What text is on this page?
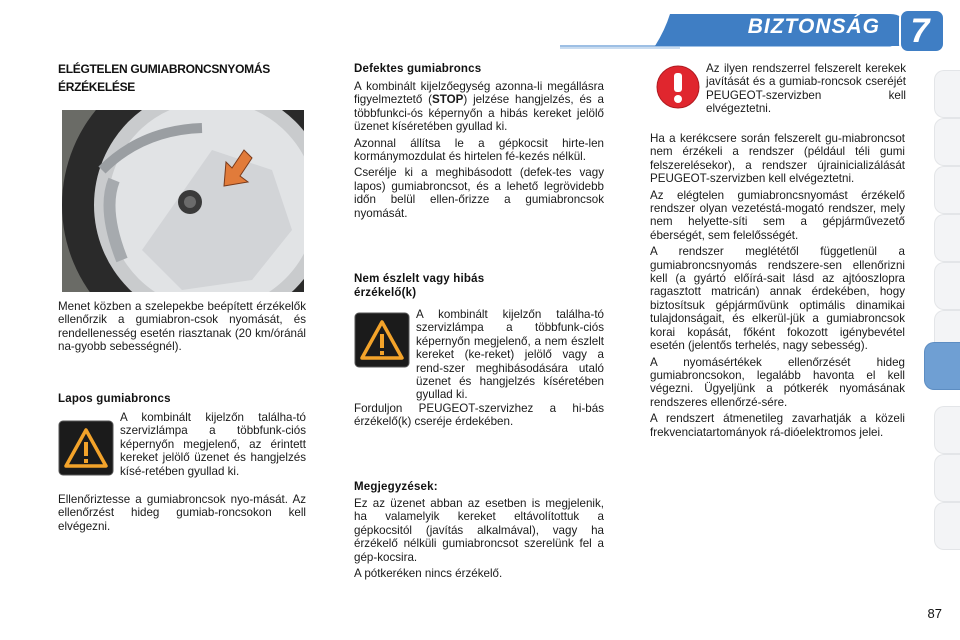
BIZTONSÁG 7
ELÉGTELEN GUMIABRONCSNYOMÁS
ÉRZÉKELÉSE

Menet közben a szelepekbe beépített érzékelők ellenőrzik a gumiabron-csok nyomását, és rendellenesség esetén riasztanak (20 km/óránál na-gyobb sebességnél).

Lapos gumiabroncs

A kombinált kijelzőn találha-tó szervizlámpa a többfunk-ciós képernyőn megjelenő, az érintett kereket jelölő üzenet és hangjelzés kísé-retében gyullad ki.

Ellenőriztesse a gumiabroncsok nyo-mását. Az ellenőrzést hideg gumiab-roncsokon kell elvégezni.

Defektes gumiabroncs

A kombinált kijelzőegység azonna-li megállásra figyelmeztető (STOP) jelzése hangjelzés, és a többfunkci-ós képernyőn a hibás kereket jelölő üzenet kíséretében gyullad ki.

Azonnal állítsa le a gépkocsit hirte-len kormánymozdulat és hirtelen fé-kezés nélkül.

Cserélje ki a meghibásodott (defek-tes vagy lapos) gumiabroncsot, és a lehető legrövidebb időn belül ellen-őrizze a gumiabroncsok nyomását.

Nem észlelt vagy hibás
érzékelő(k)

A kombinált kijelzőn találha-tó szervizlámpa a többfunk-ciós képernyőn megjelenő, a nem észlelt kereket (ke-reket) jelölő vagy a rend-szer meghibásodására utaló üzenet és hangjelzés kíséretében gyullad ki.

Forduljon PEUGEOT-szervizhez a hi-bás érzékelő(k) cseréje érdekében.

Megjegyzések:

Ez az üzenet abban az esetben is megjelenik, ha valamelyik kereket eltávolítottuk a gépkocsitól (javítás alkalmával), vagy ha érzékelő nélküli gumiabroncsot szerelünk fel a gép-kocsira.

A pótkeréken nincs érzékelő.

Az ilyen rendszerrel felszerelt kerekek javítását és a gumiab-roncsok cseréjét PEUGEOT-szervizben kell elvégeztetni.

Ha a kerékcsere során felszerelt gu-miabroncsot nem érzékeli a rendszer (például téli gumi felszerelésekor), a rendszer újrainicializálását PEUGEOT-szervizben kell elvégeztetni.

Az elégtelen gumiabroncsnyomást érzékelő rendszer olyan vezetéstá-mogató rendszer, mely nem helyette-síti sem a gépjárművezető éberségét, sem felelősségét.

A rendszer meglététől függetlenül a gumiabroncsnyomás rendszere-sen ellenőrizni kell (a gyártó előírá-sait lásd az ajtóoszlopra ragasztott matricán) annak érdekében, hogy biztosítsuk gépjárművünk optimális dinamikai tulajdonságait, és elkerül-jük a gumiabroncsok korai kopását, főként fokozott igénybevétel esetén (jelentős terhelés, nagy sebesség).

A nyomásértékek ellenőrzését hideg gumiabroncsokon, legalább havonta el kell végezni. Ügyeljünk a pótkerék nyomásának rendszeres ellenőrzé-sére.

A rendszert átmenetileg zavarhatják a közeli frekvenciatartományok rá-dióelektromos jelei.

87
